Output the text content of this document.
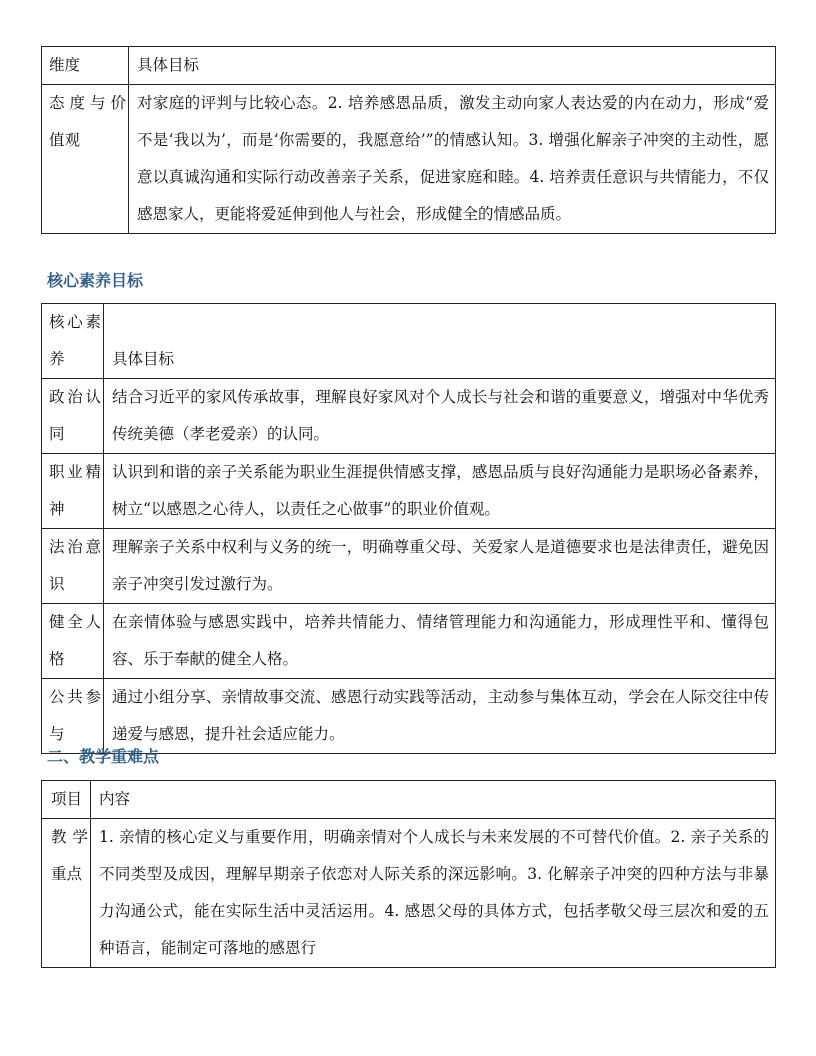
维度	具体目标
态度与价值观	对家庭的评判与比较心态。2. 培养感恩品质，激发主动向家人表达爱的内在动力，形成“爱不是‘我以为’，而是‘你需要的，我愿意给’”的情感认知。3. 增强化解亲子冲突的主动性，愿意以真诚沟通和实际行动改善亲子关系，促进家庭和睦。4. 培养责任意识与共情能力，不仅感恩家人，更能将爱延伸到他人与社会，形成健全的情感品质。
核心素养目标
核心素养	具体目标
政治认同	结合习近平的家风传承故事，理解良好家风对个人成长与社会和谐的重要意义，增强对中华优秀传统美德（孝老爱亲）的认同。
职业精神	认识到和谐的亲子关系能为职业生涯提供情感支撑，感恩品质与良好沟通能力是职场必备素养，树立“以感恩之心待人，以责任之心做事”的职业价值观。
法治意识	理解亲子关系中权利与义务的统一，明确尊重父母、关爱家人是道德要求也是法律责任，避免因亲子冲突引发过激行为。
健全人格	在亲情体验与感恩实践中，培养共情能力、情绪管理能力和沟通能力，形成理性平和、懂得包容、乐于奉献的健全人格。
公共参与	通过小组分享、亲情故事交流、感恩行动实践等活动，主动参与集体互动，学会在人际交往中传递爱与感恩，提升社会适应能力。
二、教学重难点
项目	内容
教学重点	1. 亲情的核心定义与重要作用，明确亲情对个人成长与未来发展的不可替代价值。2. 亲子关系的不同类型及成因，理解早期亲子依恋对人际关系的深远影响。3. 化解亲子冲突的四种方法与非暴力沟通公式，能在实际生活中灵活运用。4. 感恩父母的具体方式，包括孝敬父母三层次和爱的五种语言，能制定可落地的感恩行
